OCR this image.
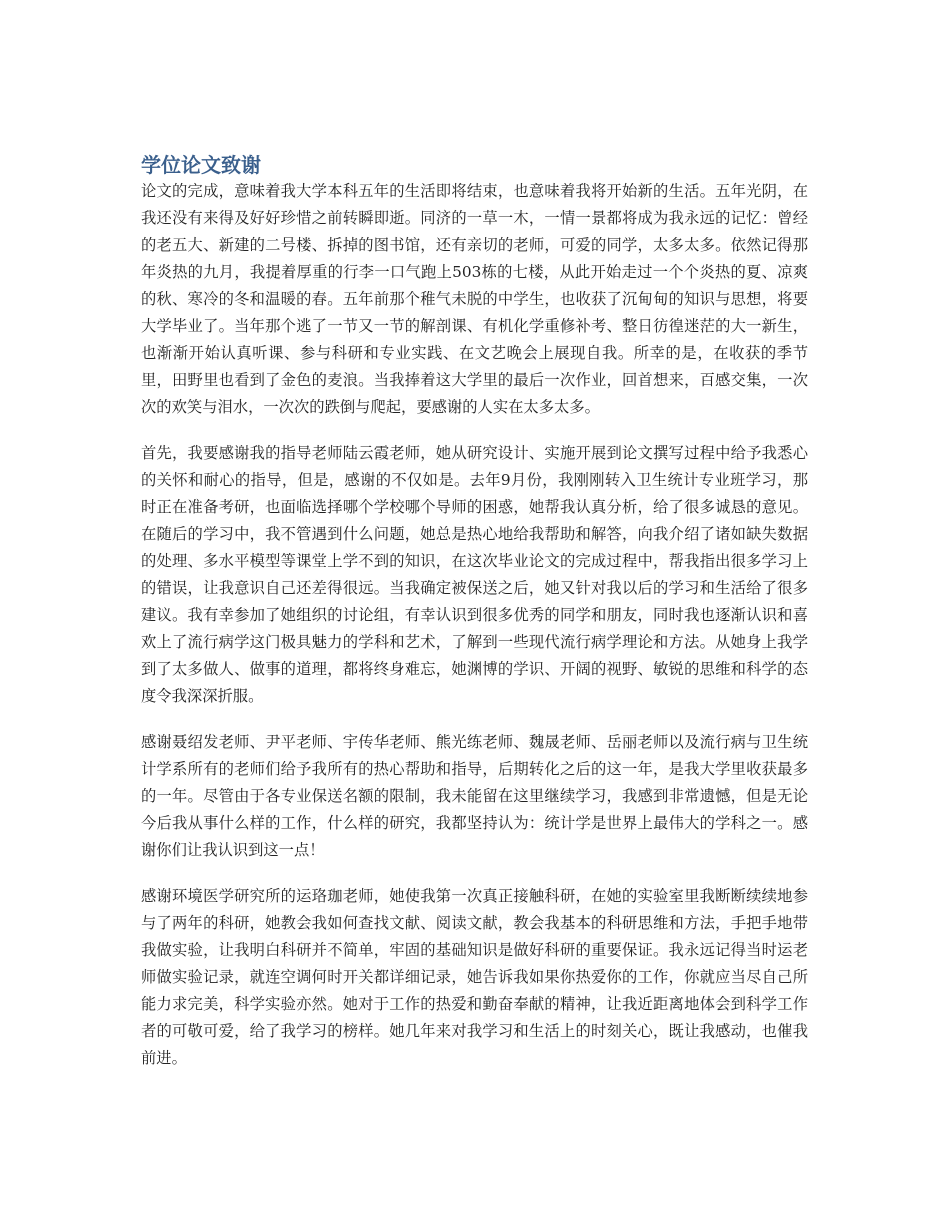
学位论文致谢

论文的完成，意味着我大学本科五年的生活即将结束，也意味着我将开始新的生活。五年光阴，在我还没有来得及好好珍惜之前转瞬即逝。同济的一草一木，一情一景都将成为我永远的记忆：曾经的老五大、新建的二号楼、拆掉的图书馆，还有亲切的老师，可爱的同学，太多太多。依然记得那年炎热的九月，我提着厚重的行李一口气跑上503栋的七楼，从此开始走过一个个炎热的夏、凉爽的秋、寒冷的冬和温暖的春。五年前那个稚气未脱的中学生，也收获了沉甸甸的知识与思想，将要大学毕业了。当年那个逃了一节又一节的解剖课、有机化学重修补考、整日彷徨迷茫的大一新生，也渐渐开始认真听课、参与科研和专业实践、在文艺晚会上展现自我。所幸的是，在收获的季节里，田野里也看到了金色的麦浪。当我捧着这大学里的最后一次作业，回首想来，百感交集，一次次的欢笑与泪水，一次次的跌倒与爬起，要感谢的人实在太多太多。

首先，我要感谢我的指导老师陆云霞老师，她从研究设计、实施开展到论文撰写过程中给予我悉心的关怀和耐心的指导，但是，感谢的不仅如是。去年9月份，我刚刚转入卫生统计专业班学习，那时正在准备考研，也面临选择哪个学校哪个导师的困惑，她帮我认真分析，给了很多诚恳的意见。在随后的学习中，我不管遇到什么问题，她总是热心地给我帮助和解答，向我介绍了诸如缺失数据的处理、多水平模型等课堂上学不到的知识，在这次毕业论文的完成过程中，帮我指出很多学习上的错误，让我意识自己还差得很远。当我确定被保送之后，她又针对我以后的学习和生活给了很多建议。我有幸参加了她组织的讨论组，有幸认识到很多优秀的同学和朋友，同时我也逐渐认识和喜欢上了流行病学这门极具魅力的学科和艺术，了解到一些现代流行病学理论和方法。从她身上我学到了太多做人、做事的道理，都将终身难忘，她渊博的学识、开阔的视野、敏锐的思维和科学的态度令我深深折服。

感谢聂绍发老师、尹平老师、宇传华老师、熊光练老师、魏晟老师、岳丽老师以及流行病与卫生统计学系所有的老师们给予我所有的热心帮助和指导，后期转化之后的这一年，是我大学里收获最多的一年。尽管由于各专业保送名额的限制，我未能留在这里继续学习，我感到非常遗憾，但是无论今后我从事什么样的工作，什么样的研究，我都坚持认为：统计学是世界上最伟大的学科之一。感谢你们让我认识到这一点！

感谢环境医学研究所的运珞珈老师，她使我第一次真正接触科研，在她的实验室里我断断续续地参与了两年的科研，她教会我如何查找文献、阅读文献，教会我基本的科研思维和方法，手把手地带我做实验，让我明白科研并不简单，牢固的基础知识是做好科研的重要保证。我永远记得当时运老师做实验记录，就连空调何时开关都详细记录，她告诉我如果你热爱你的工作，你就应当尽自己所能力求完美，科学实验亦然。她对于工作的热爱和勤奋奉献的精神，让我近距离地体会到科学工作者的可敬可爱，给了我学习的榜样。她几年来对我学习和生活上的时刻关心，既让我感动，也催我前进。
